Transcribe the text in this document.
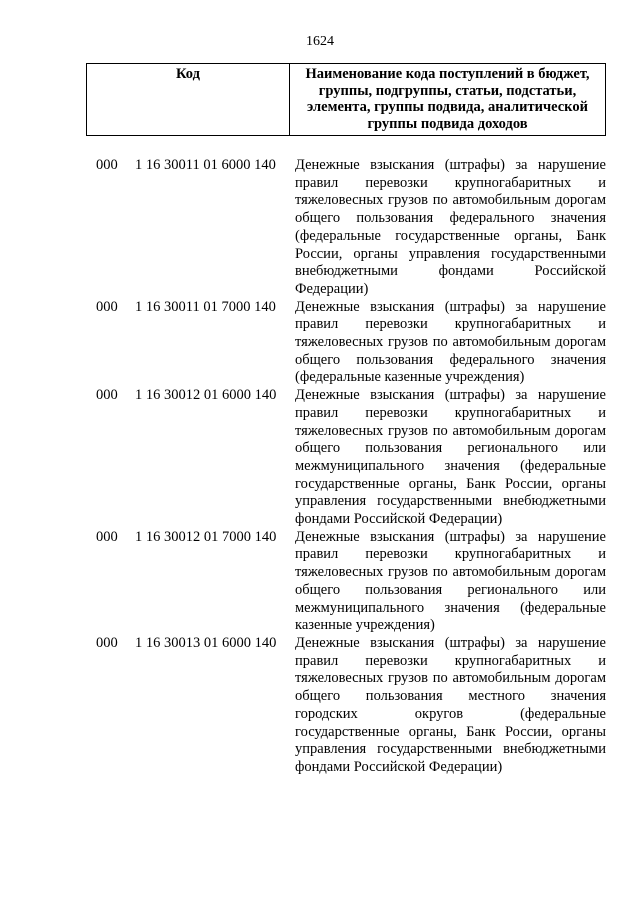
1624
Код	Наименование кода поступлений в бюджет, группы, подгруппы, статьи, подстатьи, элемента, группы подвида, аналитической группы подвида доходов
000	1 16 30011 01 6000 140	Денежные взыскания (штрафы) за нарушение правил перевозки крупногабаритных и тяжеловесных грузов по автомобильным дорогам общего пользования федерального значения (федеральные государственные органы, Банк России, органы управления государственными внебюджетными фондами Российской Федерации)
000	1 16 30011 01 7000 140	Денежные взыскания (штрафы) за нарушение правил перевозки крупногабаритных и тяжеловесных грузов по автомобильным дорогам общего пользования федерального значения (федеральные казенные учреждения)
000	1 16 30012 01 6000 140	Денежные взыскания (штрафы) за нарушение правил перевозки крупногабаритных и тяжеловесных грузов по автомобильным дорогам общего пользования регионального или межмуниципального значения (федеральные государственные органы, Банк России, органы управления государственными внебюджетными фондами Российской Федерации)
000	1 16 30012 01 7000 140	Денежные взыскания (штрафы) за нарушение правил перевозки крупногабаритных и тяжеловесных грузов по автомобильным дорогам общего пользования регионального или межмуниципального значения (федеральные казенные учреждения)
000	1 16 30013 01 6000 140	Денежные взыскания (штрафы) за нарушение правил перевозки крупногабаритных и тяжеловесных грузов по автомобильным дорогам общего пользования местного значения городских округов (федеральные государственные органы, Банк России, органы управления государственными внебюджетными фондами Российской Федерации)
